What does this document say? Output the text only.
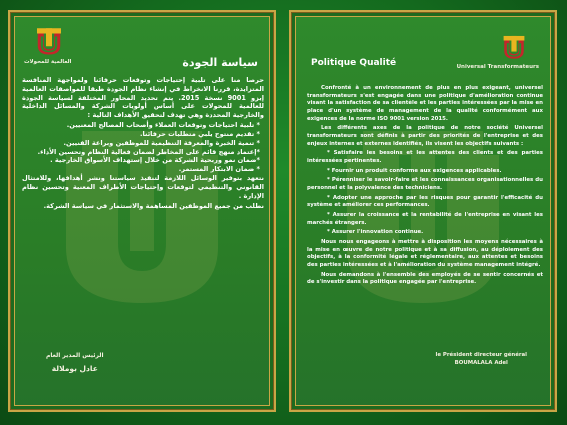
العالمية للمحولات	سياسة الجودة

حرصا منا على تلبية إحتياجات وتوقعات حرفائنا ولمواجهة المنافسة المتزايدة، قررنا الانخراط في إنشاء نظام الجودة طبقا للمواصفات العالمية إيزو 9001 نسخة 2015. يتم تحديد المحاور المختلفة لسياسة الجودة للعالمية للمحولات على أساس أولويات الشركة والمسائل الداخلية والخارجية المحددة وهي تهدف لتحقيق الأهداف التالية :

* تلبية احتياجات وتوقعات العملاء وأصحاب المصالح المعنيين.

* تقديم منتوج يلبي متطلبات حرفائنا.

* تنمية الخبرة والمعرفة التنظيمية للموظفين وبراعة الفنيين.

*إعتماد منهج قائم على المخاطر لضمان فعالية النظام وتحسين الأداء.

*ضمان نمو وربحية الشركة من خلال إستهداف الأسواق الخارجية .

* ضمان الابتكار المستمر.

نتعهد بتوفير الوسائل اللازمة لتنفيذ سياستنا ونشر أهدافها، وللامتثال القانوني والتنظيمي لتوقعات وإحتياجات الأطراف المعنية وتحسين نظام الإدارة .

نطلب من جميع الموظفين المساهمة والاستثمار في سياسة الشركة.

الرئيس المدير العام
عادل بوملالة
Universal Transformateurs
Politique Qualité

Confronté à un environnement de plus en plus exigeant, universel transformateurs s'est engagée dans une politique d'amélioration continue visant la satisfaction de sa clientèle et les parties intéressées par la mise en place d'un système de management de la qualité conformément aux exigences de la norme ISO 9001 version 2015.

Les différents axes de la politique de notre société Universel transformateurs sont définis à partir des priorités de l'entreprise et des enjeux internes et externes identifiés, ils visent les objectifs suivants :

* Satisfaire les besoins et les attentes des clients et des parties intéressées pertinentes.

* Fournir un produit conforme aux exigences applicables.

* Pérenniser le savoir-faire et les connaissances organisationnelles du personnel et la polyvalence des techniciens.

* Adopter une approche par les risques pour garantir l'efficacité du système et améliorer ces performances.

* Assurer la croissance et la rentabilité de l'entreprise en visant les marchés étrangers.

* Assurer l'innovation continue.

Nous nous engageons à mettre à disposition les moyens nécessaires à la mise en œuvre de notre politique et à sa diffusion, au déploiement des objectifs, à la conformité légale et réglementaire, aux attentes et besoins des parties intéressées et à l'amélioration du système management intégré.

Nous demandons à l'ensemble des employés de se sentir concernés et de s'investir dans la politique engagée par l'entreprise.

le Président directeur général
BOUMALALA Adel
